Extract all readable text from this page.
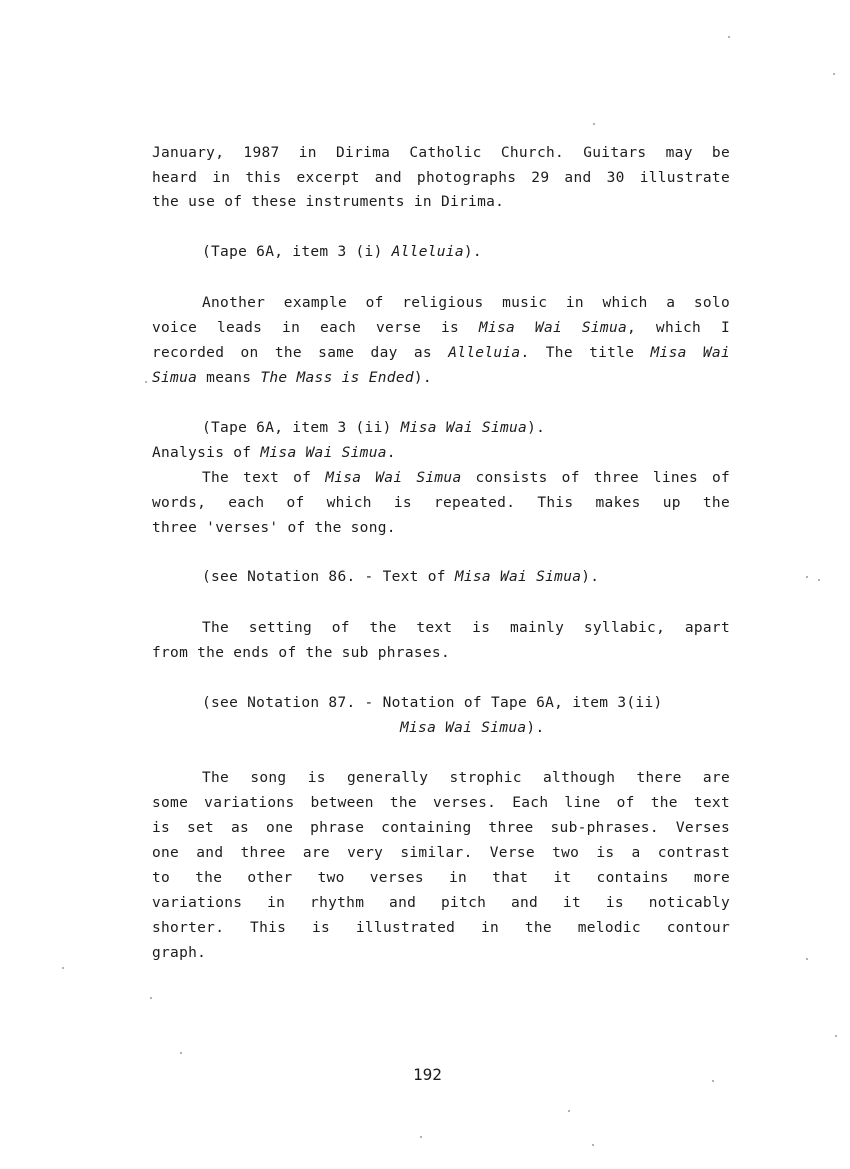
January, 1987 in Dirima Catholic Church. Guitars may be
heard in this excerpt and photographs 29 and 30 illustrate
the use of these instruments in Dirima.
(Tape 6A, item 3 (i) Alleluia).
Another example of religious music in which a solo
voice leads in each verse is Misa Wai Simua, which I
recorded on the same day as Alleluia. The title Misa Wai
Simua means The Mass is Ended).
(Tape 6A, item 3 (ii) Misa Wai Simua).
Analysis of Misa Wai Simua.
The text of Misa Wai Simua consists of three lines of
words, each of which is repeated. This makes up the
three 'verses' of the song.
(see Notation 86. - Text of Misa Wai Simua).
The setting of the text is mainly syllabic, apart
from the ends of the sub phrases.
(see Notation 87. - Notation of Tape 6A, item 3(ii)
Misa Wai Simua).
The song is generally strophic although there are
some variations between the verses. Each line of the text
is set as one phrase containing three sub-phrases. Verses
one and three are very similar. Verse two is a contrast
to the other two verses in that it contains more
variations in rhythm and pitch and it is noticably
shorter. This is illustrated in the melodic contour
graph.
192
